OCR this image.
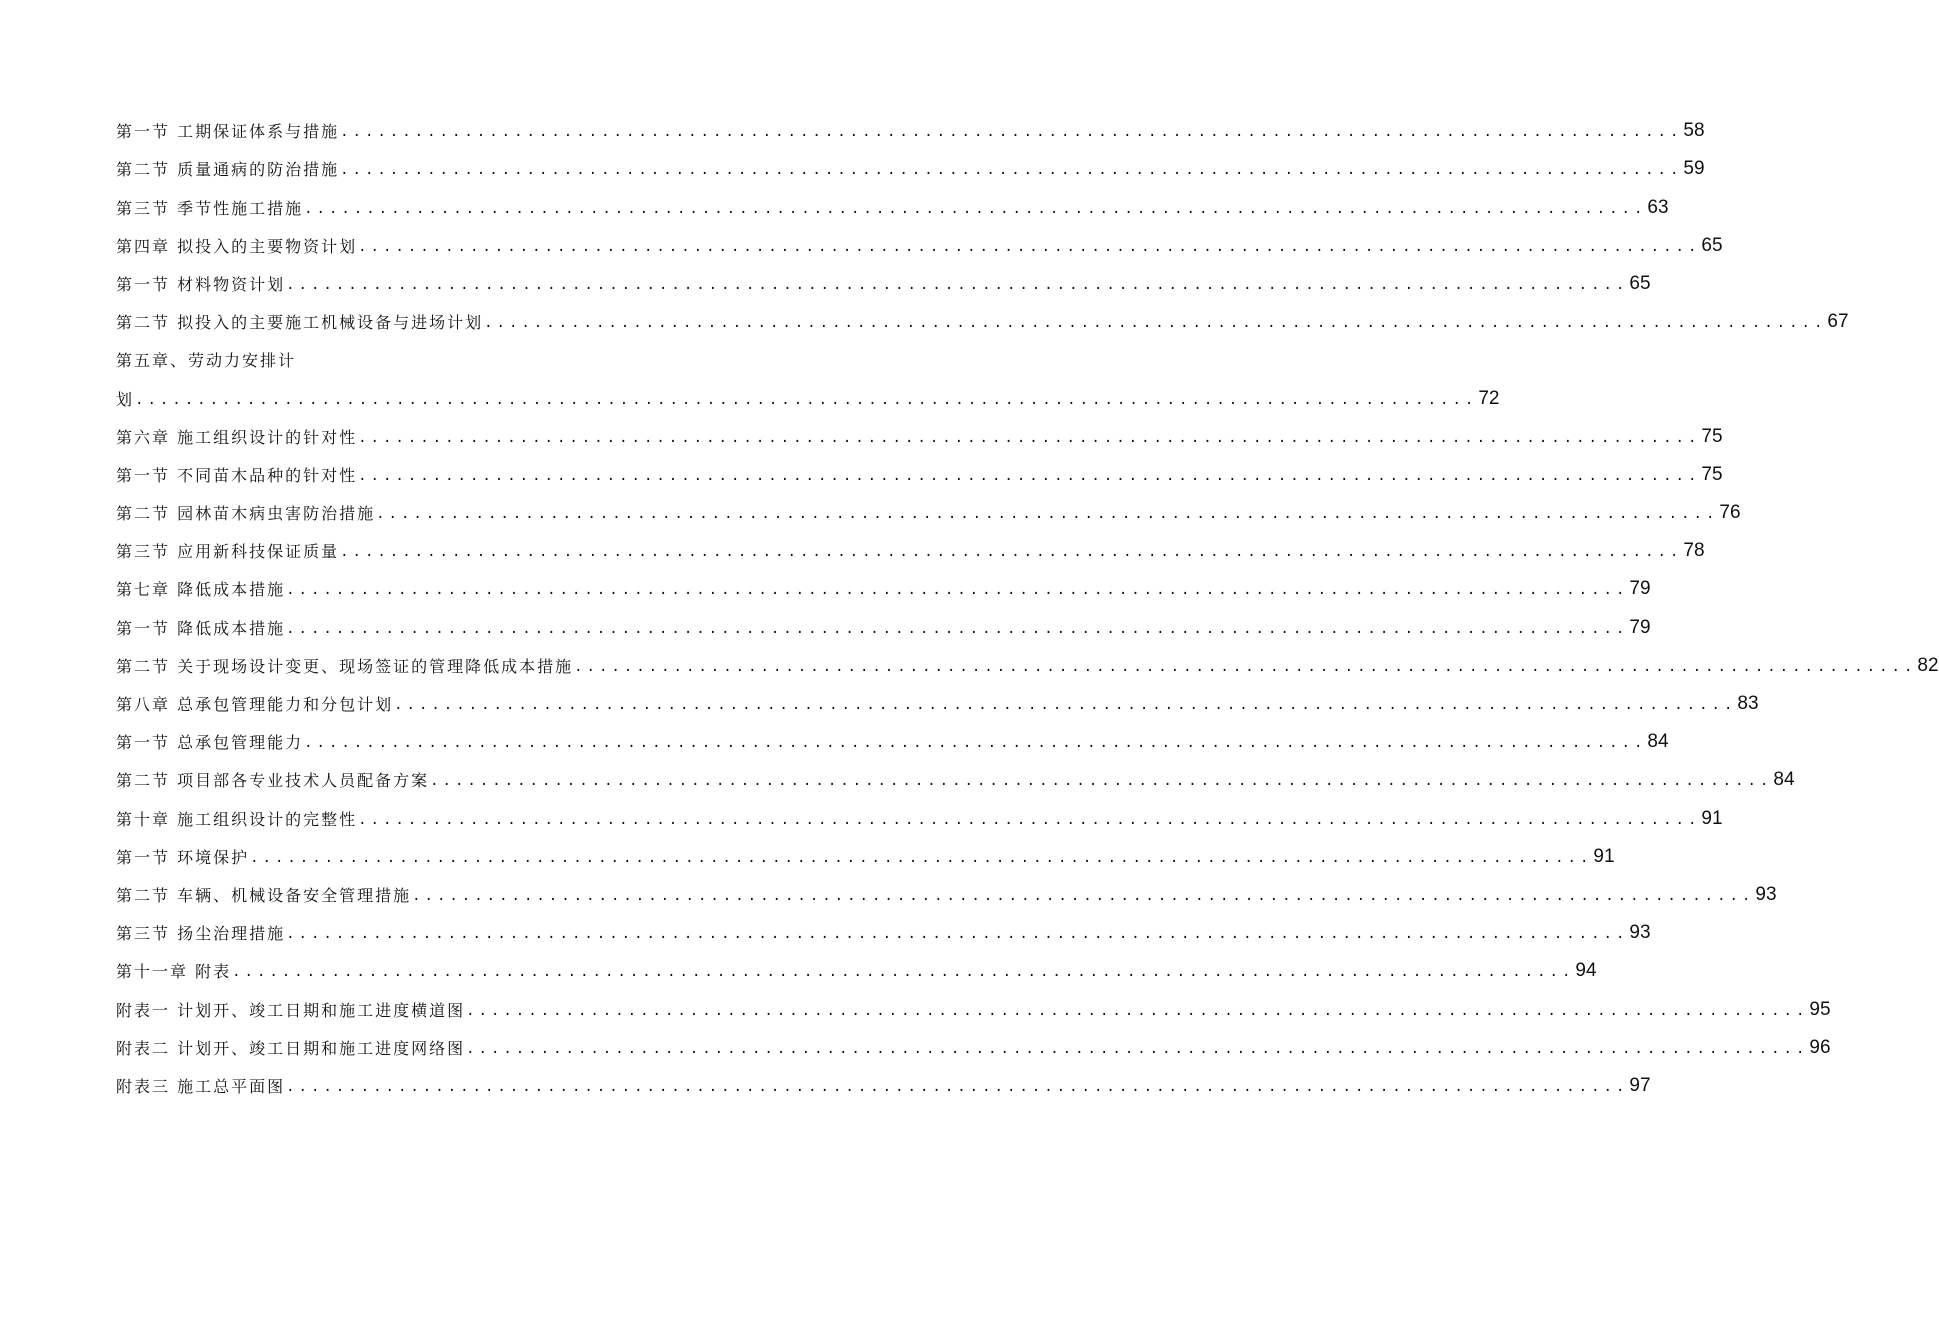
第一节 工期保证体系与措施 ............................................................................................................ 58
第二节 质量通病的防治措施 ............................................................................................................ 59
第三节 季节性施工措施 ............................................................................................................ 63
第四章 拟投入的主要物资计划 ............................................................................................................ 65
第一节 材料物资计划 ............................................................................................................ 65
第二节 拟投入的主要施工机械设备与进场计划 ............................................................................................................ 67
第五章、劳动力安排计
划 ............................................................................................................ 72
第六章 施工组织设计的针对性 ............................................................................................................ 75
第一节 不同苗木品种的针对性 ............................................................................................................ 75
第二节 园林苗木病虫害防治措施 ............................................................................................................ 76
第三节 应用新科技保证质量 ............................................................................................................ 78
第七章 降低成本措施 ............................................................................................................ 79
第一节 降低成本措施 ............................................................................................................ 79
第二节 关于现场设计变更、现场签证的管理降低成本措施 ............................................................................................................ 82
第八章 总承包管理能力和分包计划 ............................................................................................................ 83
第一节 总承包管理能力 ............................................................................................................ 84
第二节 项目部各专业技术人员配备方案 ............................................................................................................ 84
第十章 施工组织设计的完整性 ............................................................................................................ 91
第一节 环境保护 ............................................................................................................ 91
第二节 车辆、机械设备安全管理措施 ............................................................................................................ 93
第三节 扬尘治理措施 ............................................................................................................ 93
第十一章 附表 ............................................................................................................ 94
附表一 计划开、竣工日期和施工进度横道图 ............................................................................................................ 95
附表二 计划开、竣工日期和施工进度网络图 ............................................................................................................ 96
附表三 施工总平面图 ............................................................................................................ 97
